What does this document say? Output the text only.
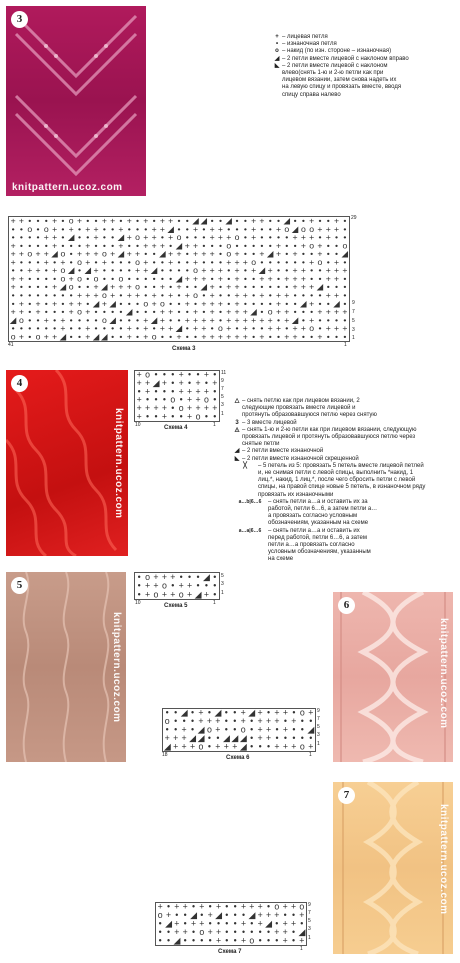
3
knitpattern.ucoz.com
+ – лицевая петля
• – изнаночная петля
o – накид (по изн. стороне – изнаночная)
◢ – 2 петли вместе лицевой с наклоном вправо
◣ – 2 петли вместе лицевой с наклоном влево(снять 1-ю и 2-ю петли как при лицевом вязании, затем снова надеть их на левую спицу и провязать вместе, вводя спицу справа налево
+ + • • • + • o + • • + + • + • + • + + • • ◢ ◢ • • ◢ • • + + • • ◢ • • + • • + •
• • o • o + • + • + + • • + • • • + + ◢ • • + • + + • • • + • • + o ◢ o o + + + •
• • • • + + • ◢ • • + • • ◢ + o + + • + o • • • + + + o • + • • • • + + + • + • •
+ • • • • + • • • + • • • + • • + + + • ◢ + + • • • o • • • • • + • • + o + • • o
+ + o + + ◢ o • + + + o + ◢ + + • • ◢ + + • + + + • o + • • + ◢ + • + • • + • • ◢
+ • • • + • + • o + • + • • • o + • • + • • + • • • + + + o • • • • • • + o • + •
• • + + • + o ◢ • ◢ + • • • • + + ◢ • • • • o + + + • + • + ◢ + • • + + • • + + +
+ + • • • • o + o • o • • o • • • • • • ◢ + + + • + • + • • + + • + + + • • + + •
+ • • • • + ◢ o • • + ◢ + + + o • • + • + • • ◢ + • + + • • • • • • + + + ◢ • • •
• • • • • • • • + + + o + • + + • + • + • + o • + • • + + • + • + + • • • • + + •
• + • + • + • + + • ◢ + ◢ • • • o + o • • + • + + + • + • • • • + • • ◢ + • • ◢ •
+ + • + • • • + o + • • • • ◢ • • • + + • • + • + • + + + ◢ • o + + • • • + + + +
◢ o • • + • + • • • • o ◢ • • • + ◢ + • • + + + + • + + + + + + • + ◢ • + • • • •
• • • • • • + • • + • • • • + • + • + + ◢ • + + • o + • + • • + + • + + o • + + +
o + • o + + ◢ • • + ◢ ◢ • • + • + o • • + • • + + + + + + • + • • + + • • + • • •
29
9
7
5
3
1
41	1
Схема 3
4
knitpattern.ucoz.com
+ o • • • + • • + •
+ + ◢ + • + • + • +
• + • • • + + + + •
+ • • • o • + + o •
+ + + + • o + + + +
+ • • + • • + o • •
11
9
7
5
3
1
10	1
Схема 4
△ – снять петлю как при лицевом вязании, 2 следующие провязать вместе лицевой и протянуть образовавшуюся петлю через снятую
3 – 3 вместе лицевой
◬ – снять 1-ю и 2-ю петли как при лицевом вязании, следующую провязать лицевой и протянуть образовавшуюся петлю через снятые петли
◢ – 2 петли вместе изнаночной
◣ – 2 петли вместе изнаночной скрещенной
╳	– 5 петель из 5: провязать 5 петель вместе лицевой петлей и, не снимая петли с левой спицы, выполнить *накид, 1 лиц.*, накид, 1 лиц.*, после чего сбросить петли с левой спицы, на правой спице новые 5 петель, в изнаночном ряду провязать их изнаночными
a…b|6…6	– снять петли a…a и оставить их за работой, петли 6…6, а затем петли a…a провязать согласно условным обозначениям, указанным на схеме
a…a|6…6	– снять петли a…a и оставить их перед работой, петли 6…6, а затем петли a…a провязать согласно условным обозначениям, указанным на схеме
5
knitpattern.ucoz.com
• o + + + • • • ◢ •
• + + o • + + • • •
• + o + + o + ◢ + •
5
3
1
10	1
Схема 5	6
knitpattern.ucoz.com
• • ◢ • + • ◢ • • + ◢ + • + + • o +
o • • • + + + • • + • + + + • + • •
• • + • ◢ o + • • o • + + • + • • ◢
+ + + ◢ ◢ • • ◢ ◢ ◢ • + + • • • • •
◢ + + + o • + + + ◢ • • • + + + o +
9
7
5
3
1
18	1
Схема 6
7
knitpattern.ucoz.com
+ • + + • + • + • • + + + • o + + o
o + • • ◢ • + ◢ • • • ◢ + + + • • +
• ◢ + • + + • • • • + • + ◢ • + + •
• • + + • o + + • • • • • • + + • ◢
• • ◢ • • • • + • • + o • • • + • +
9
7
5
3
1
1
Схема 7
